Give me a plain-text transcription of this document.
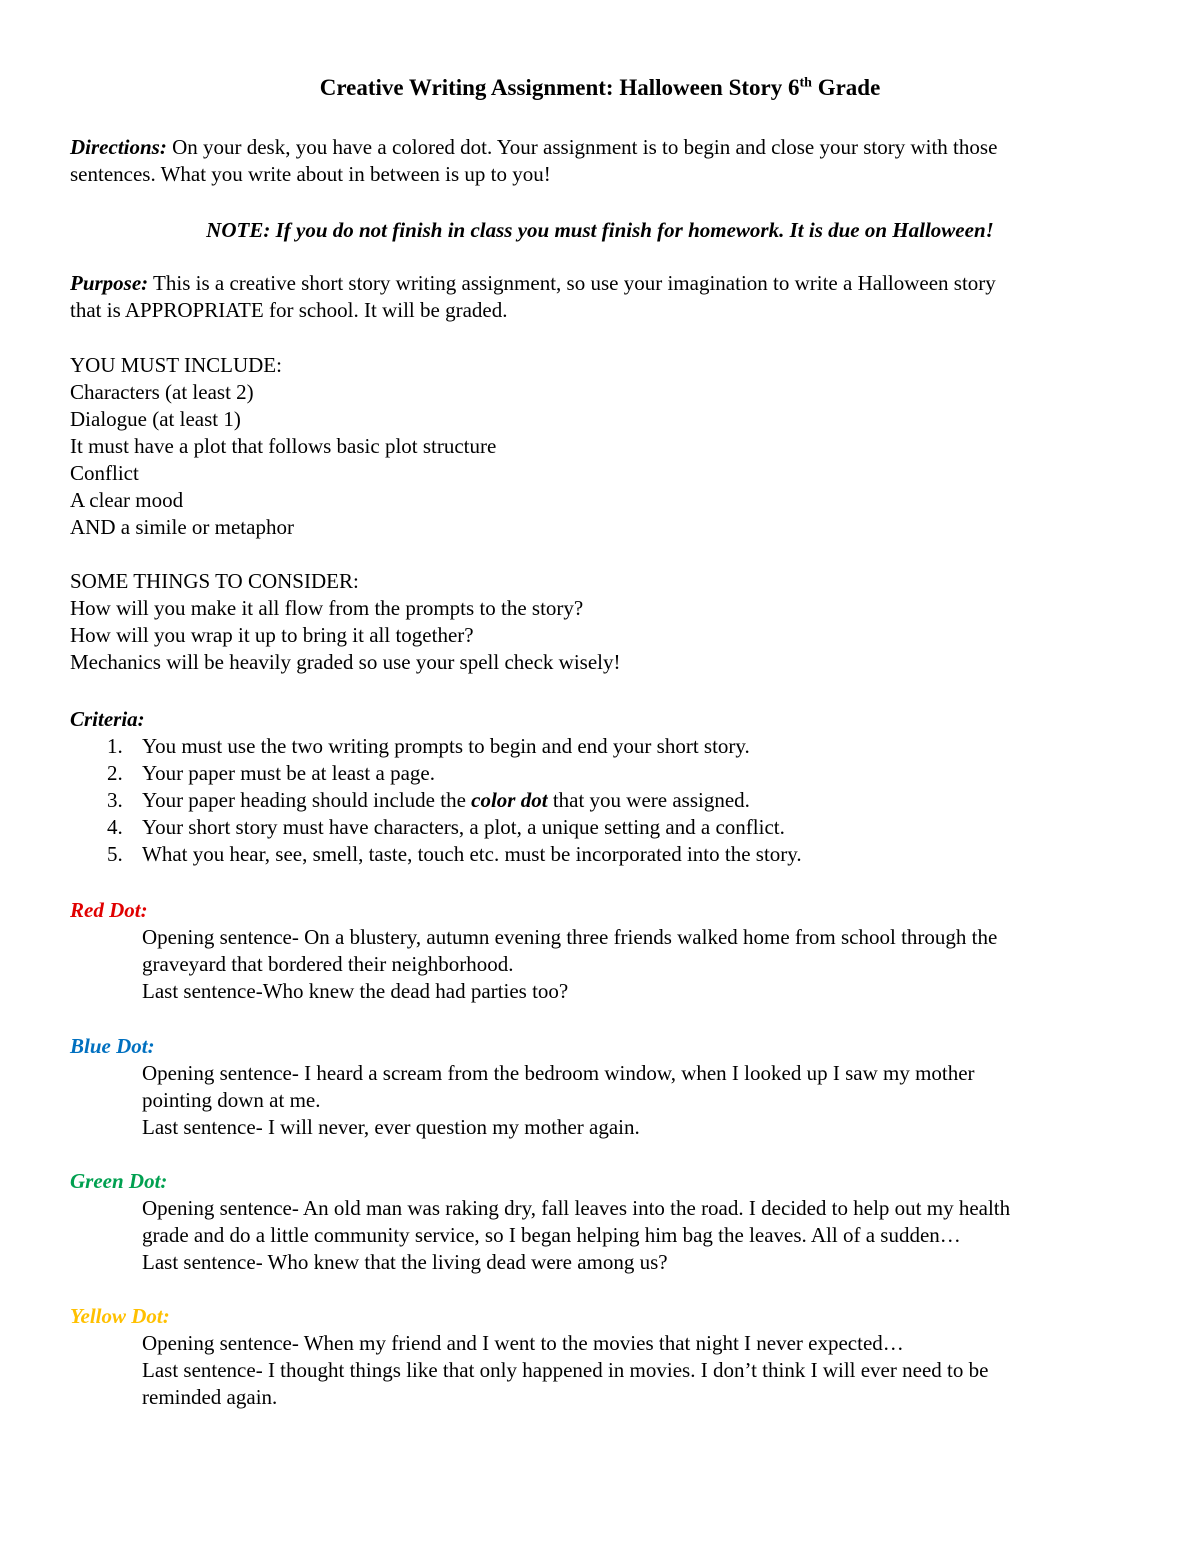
Creative Writing Assignment: Halloween Story 6th Grade
Directions: On your desk, you have a colored dot. Your assignment is to begin and close your story with those
sentences. What you write about in between is up to you!
NOTE: If you do not finish in class you must finish for homework. It is due on Halloween!
Purpose: This is a creative short story writing assignment, so use your imagination to write a Halloween story
that is APPROPRIATE for school. It will be graded.
YOU MUST INCLUDE:
Characters (at least 2)
Dialogue (at least 1)
It must have a plot that follows basic plot structure
Conflict
A clear mood
AND a simile or metaphor
SOME THINGS TO CONSIDER:
How will you make it all flow from the prompts to the story?
How will you wrap it up to bring it all together?
Mechanics will be heavily graded so use your spell check wisely!
Criteria:
1. You must use the two writing prompts to begin and end your short story.
2. Your paper must be at least a page.
3. Your paper heading should include the color dot that you were assigned.
4. Your short story must have characters, a plot, a unique setting and a conflict.
5. What you hear, see, smell, taste, touch etc. must be incorporated into the story.
Red Dot:
Opening sentence- On a blustery, autumn evening three friends walked home from school through the
graveyard that bordered their neighborhood.
Last sentence-Who knew the dead had parties too?
Blue Dot:
Opening sentence- I heard a scream from the bedroom window, when I looked up I saw my mother
pointing down at me.
Last sentence- I will never, ever question my mother again.
Green Dot:
Opening sentence- An old man was raking dry, fall leaves into the road. I decided to help out my health
grade and do a little community service, so I began helping him bag the leaves. All of a sudden…
Last sentence- Who knew that the living dead were among us?
Yellow Dot:
Opening sentence- When my friend and I went to the movies that night I never expected…
Last sentence- I thought things like that only happened in movies. I don’t think I will ever need to be
reminded again.
